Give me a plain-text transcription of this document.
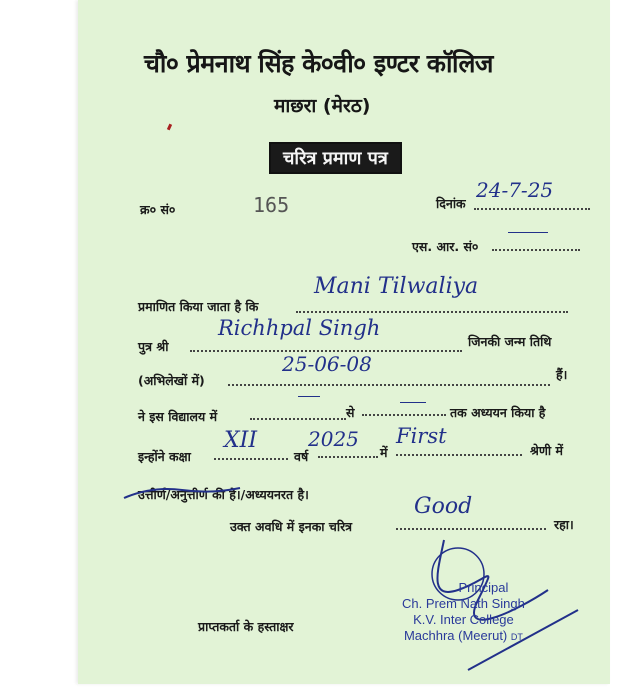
चौ० प्रेमनाथ सिंह के०वी० इण्टर कॉलिज
माछरा (मेरठ)
चरित्र प्रमाण पत्र
क्र० सं०	165	दिनांक
24-7-25
एस. आर. सं०
प्रमाणित किया जाता है कि
Mani Tilwaliya
पुत्र श्री
Richhpal Singh
जिनकी जन्म तिथि
(अभिलेखों में)
25-06-08	हैं।
ने इस विद्यालय में	से	तक अध्ययन किया है
इन्होंने कक्षा
XII
वर्ष
2025
में
First
श्रेणी में
उत्तीर्ण/अनुत्तीर्ण की है।/अध्ययनरत है।
उक्त अवधि में इनका चरित्र
Good
रहा।
प्राप्तकर्ता के हस्ताक्षर
Principal
Ch. Prem Nath Singh
K.V. Inter College
Machhra (Meerut) DT
